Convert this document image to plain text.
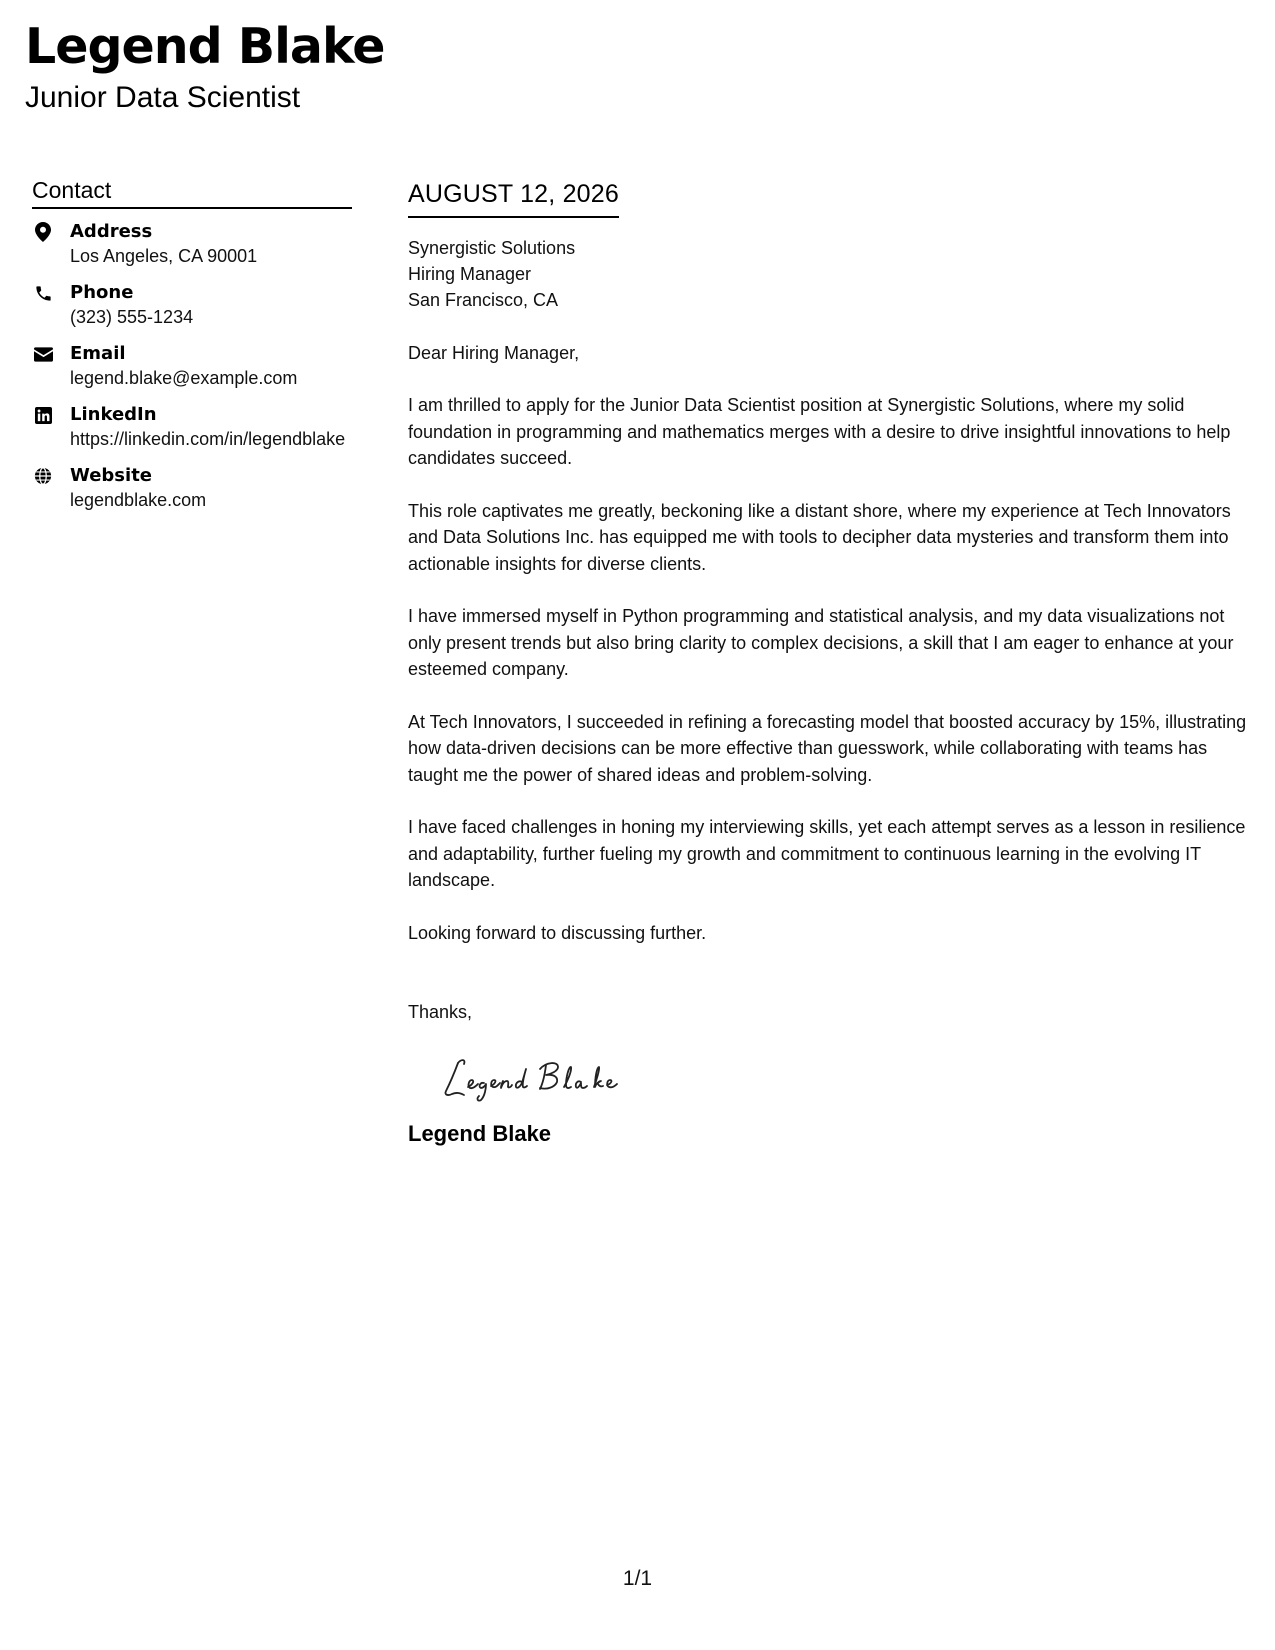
Legend Blake
Junior Data Scientist
Contact
Address
Los Angeles, CA 90001
Phone
(323) 555-1234
Email
legend.blake@example.com
LinkedIn
https://linkedin.com/in/legendblake
Website
legendblake.com
AUGUST 12, 2026
Synergistic Solutions
Hiring Manager
San Francisco, CA
Dear Hiring Manager,

I am thrilled to apply for the Junior Data Scientist position at Synergistic Solutions, where my solid foundation in programming and mathematics merges with a desire to drive insightful innovations to help candidates succeed.

This role captivates me greatly, beckoning like a distant shore, where my experience at Tech Innovators and Data Solutions Inc. has equipped me with tools to decipher data mysteries and transform them into actionable insights for diverse clients.

I have immersed myself in Python programming and statistical analysis, and my data visualizations not only present trends but also bring clarity to complex decisions, a skill that I am eager to enhance at your esteemed company.

At Tech Innovators, I succeeded in refining a forecasting model that boosted accuracy by 15%, illustrating how data-driven decisions can be more effective than guesswork, while collaborating with teams has taught me the power of shared ideas and problem-solving.

I have faced challenges in honing my interviewing skills, yet each attempt serves as a lesson in resilience and adaptability, further fueling my growth and commitment to continuous learning in the evolving IT landscape.

Looking forward to discussing further.

Thanks,
Legend Blake
1/1
